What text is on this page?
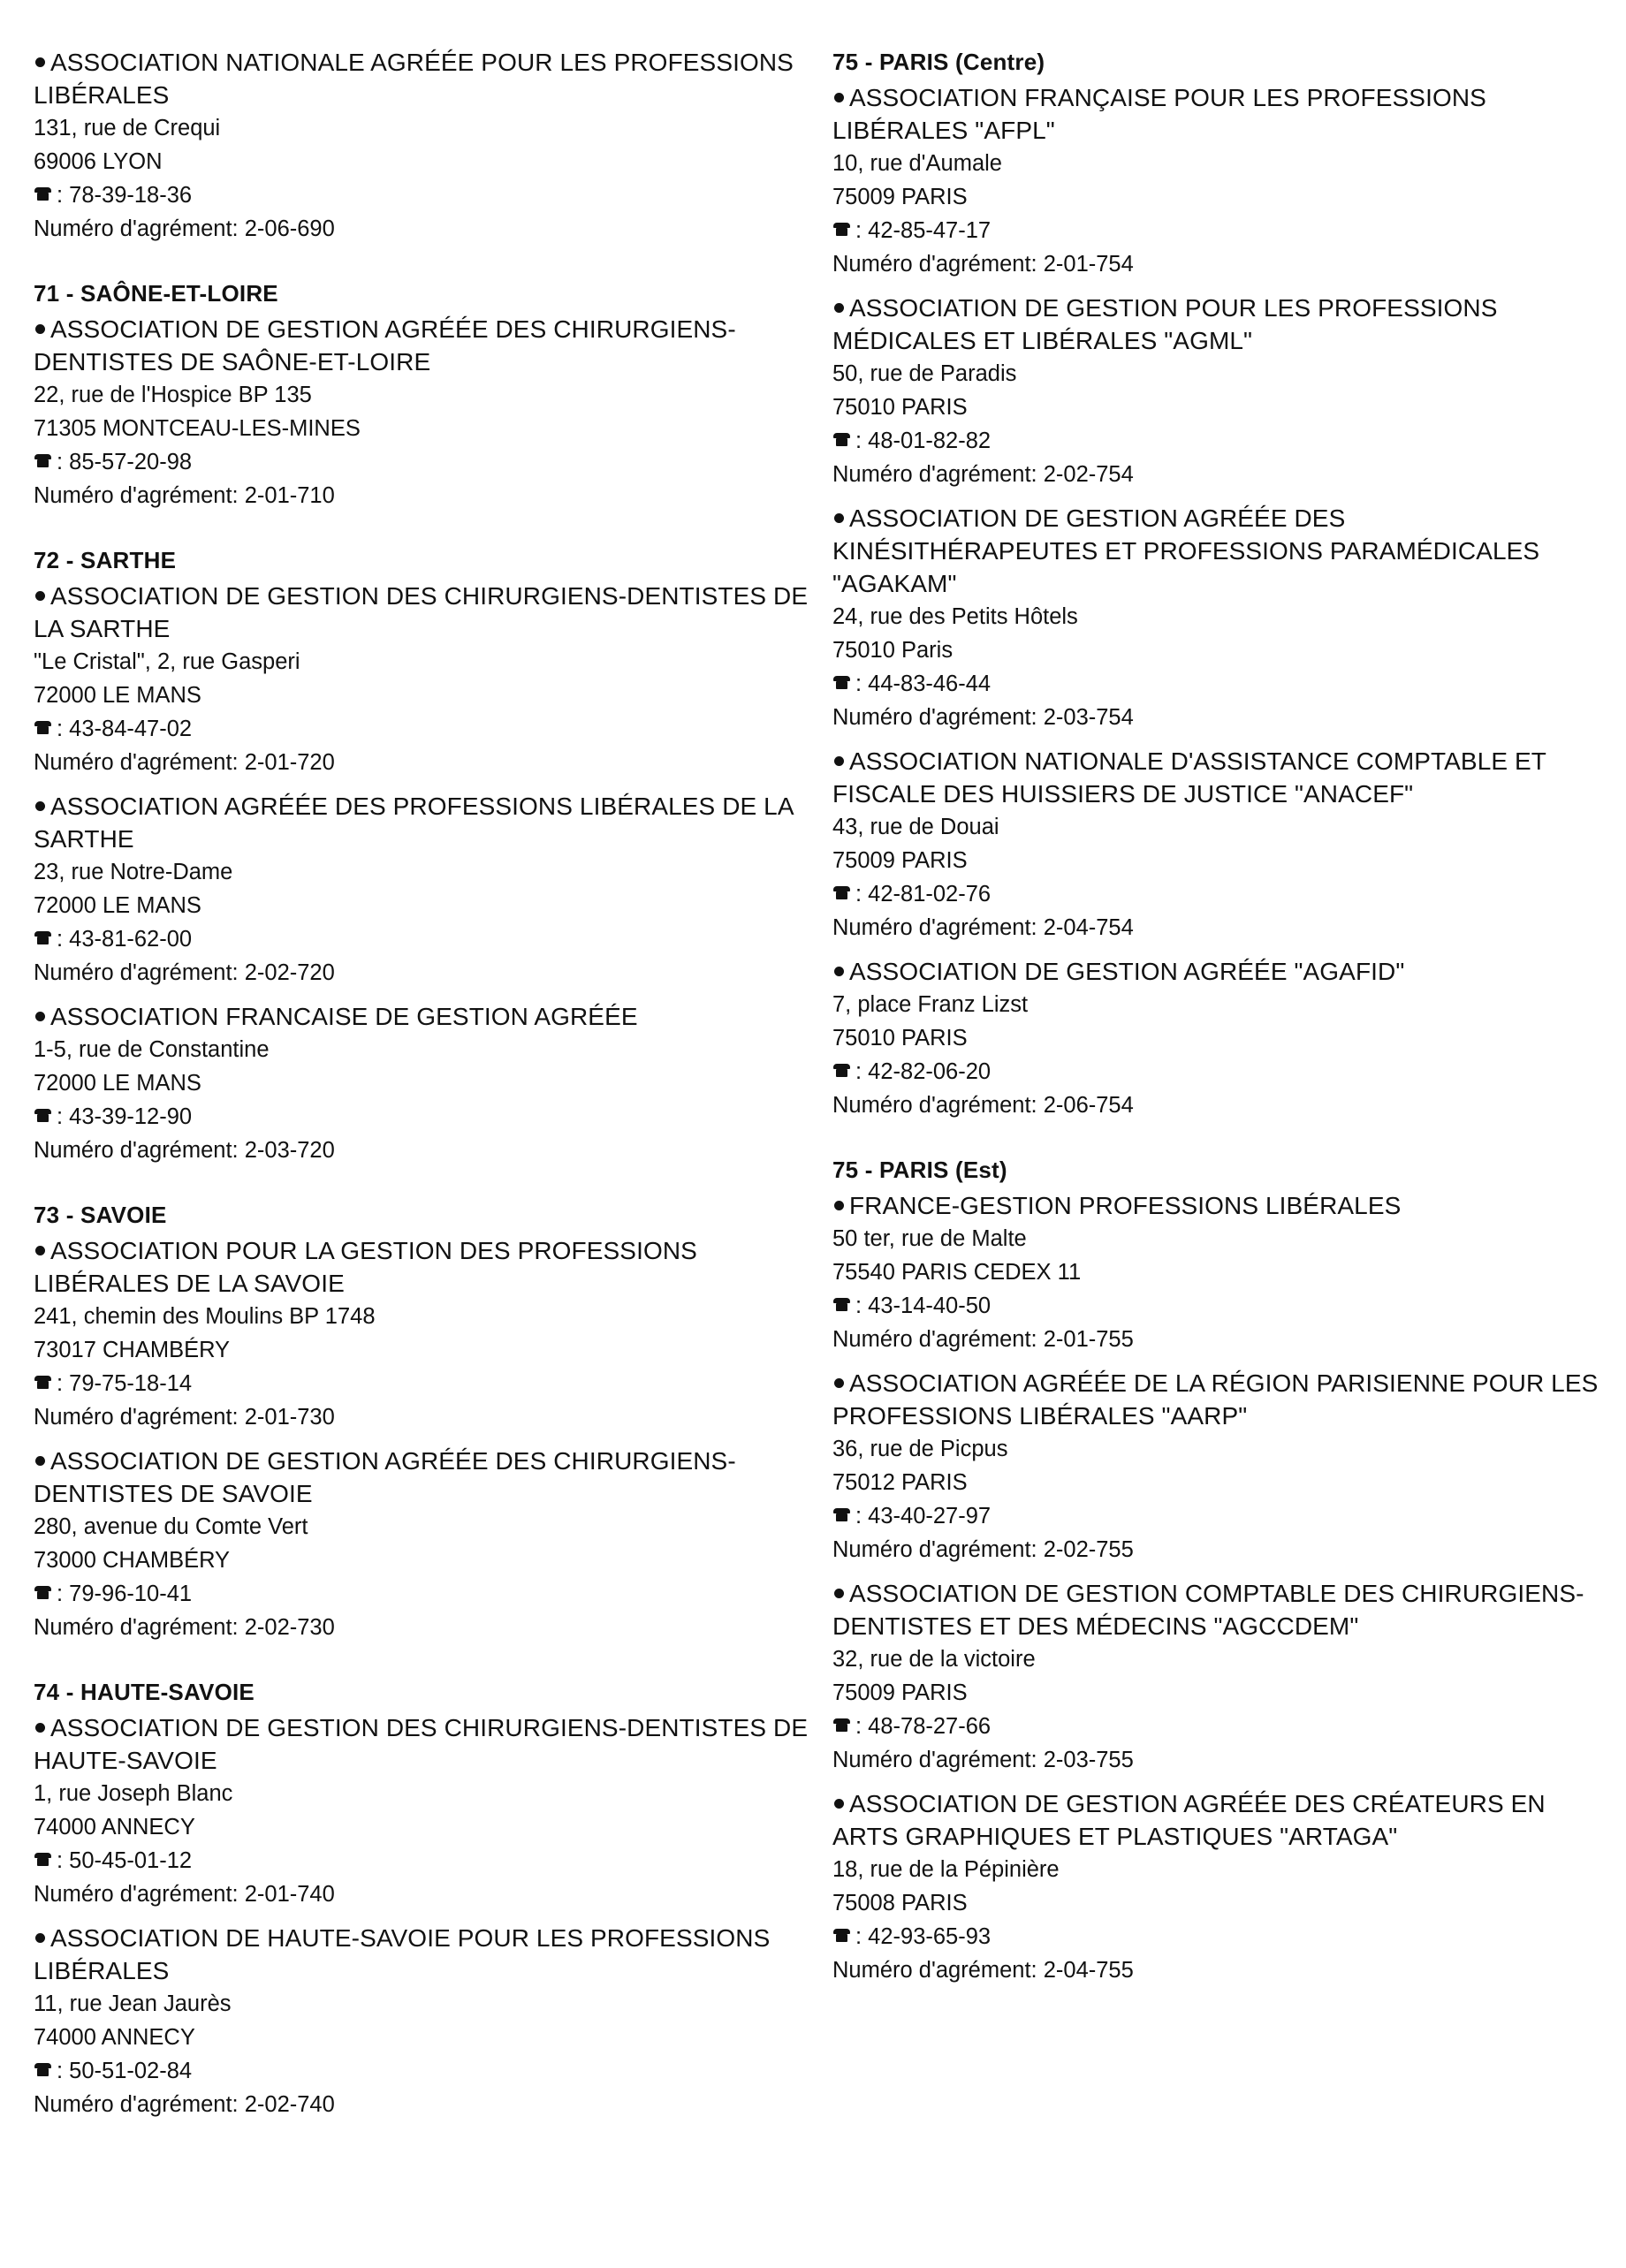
ASSOCIATION NATIONALE AGRÉÉE POUR LES PROFESSIONS LIBÉRALES
131, rue de Crequi
69006 LYON
: 78-39-18-36
Numéro d'agrément: 2-06-690
71 - SAÔNE-ET-LOIRE
ASSOCIATION DE GESTION AGRÉÉE DES CHIRURGIENS-DENTISTES DE SAÔNE-ET-LOIRE
22, rue de l'Hospice BP 135
71305 MONTCEAU-LES-MINES
: 85-57-20-98
Numéro d'agrément: 2-01-710
72 - SARTHE
ASSOCIATION DE GESTION DES CHIRURGIENS-DENTISTES DE LA SARTHE
"Le Cristal", 2, rue Gasperi
72000 LE MANS
: 43-84-47-02
Numéro d'agrément: 2-01-720
ASSOCIATION AGRÉÉE DES PROFESSIONS LIBÉRALES DE LA SARTHE
23, rue Notre-Dame
72000 LE MANS
: 43-81-62-00
Numéro d'agrément: 2-02-720
ASSOCIATION FRANCAISE DE GESTION AGRÉÉE
1-5, rue de Constantine
72000 LE MANS
: 43-39-12-90
Numéro d'agrément: 2-03-720
73 - SAVOIE
ASSOCIATION POUR LA GESTION DES PROFESSIONS LIBÉRALES DE LA SAVOIE
241, chemin des Moulins BP 1748
73017 CHAMBÉRY
: 79-75-18-14
Numéro d'agrément: 2-01-730
ASSOCIATION DE GESTION AGRÉÉE DES CHIRURGIENS-DENTISTES DE SAVOIE
280, avenue du Comte Vert
73000 CHAMBÉRY
: 79-96-10-41
Numéro d'agrément: 2-02-730
74 - HAUTE-SAVOIE
ASSOCIATION DE GESTION DES CHIRURGIENS-DENTISTES DE HAUTE-SAVOIE
1, rue Joseph Blanc
74000 ANNECY
: 50-45-01-12
Numéro d'agrément: 2-01-740
ASSOCIATION DE HAUTE-SAVOIE POUR LES PROFESSIONS LIBÉRALES
11, rue Jean Jaurès
74000 ANNECY
: 50-51-02-84
Numéro d'agrément: 2-02-740
75 - PARIS (Centre)
ASSOCIATION FRANÇAISE POUR LES PROFESSIONS LIBÉRALES "AFPL"
10, rue d'Aumale
75009 PARIS
: 42-85-47-17
Numéro d'agrément: 2-01-754
ASSOCIATION DE GESTION POUR LES PROFESSIONS MÉDICALES ET LIBÉRALES "AGML"
50, rue de Paradis
75010 PARIS
: 48-01-82-82
Numéro d'agrément: 2-02-754
ASSOCIATION DE GESTION AGRÉÉE DES KINÉSITHÉRAPEUTES ET PROFESSIONS PARAMÉDICALES "AGAKAM"
24, rue des Petits Hôtels
75010 Paris
: 44-83-46-44
Numéro d'agrément: 2-03-754
ASSOCIATION NATIONALE D'ASSISTANCE COMPTABLE ET FISCALE DES HUISSIERS DE JUSTICE "ANACEF"
43, rue de Douai
75009 PARIS
: 42-81-02-76
Numéro d'agrément: 2-04-754
ASSOCIATION DE GESTION AGRÉÉE "AGAFID"
7, place Franz Lizst
75010 PARIS
: 42-82-06-20
Numéro d'agrément: 2-06-754
75 - PARIS (Est)
FRANCE-GESTION PROFESSIONS LIBÉRALES
50 ter, rue de Malte
75540 PARIS CEDEX 11
: 43-14-40-50
Numéro d'agrément: 2-01-755
ASSOCIATION AGRÉÉE DE LA RÉGION PARISIENNE POUR LES PROFESSIONS LIBÉRALES "AARP"
36, rue de Picpus
75012 PARIS
: 43-40-27-97
Numéro d'agrément: 2-02-755
ASSOCIATION DE GESTION COMPTABLE DES CHIRURGIENS-DENTISTES ET DES MÉDECINS "AGCCDEM"
32, rue de la victoire
75009 PARIS
: 48-78-27-66
Numéro d'agrément: 2-03-755
ASSOCIATION DE GESTION AGRÉÉE DES CRÉATEURS EN ARTS GRAPHIQUES ET PLASTIQUES "ARTAGA"
18, rue de la Pépinière
75008 PARIS
: 42-93-65-93
Numéro d'agrément: 2-04-755
